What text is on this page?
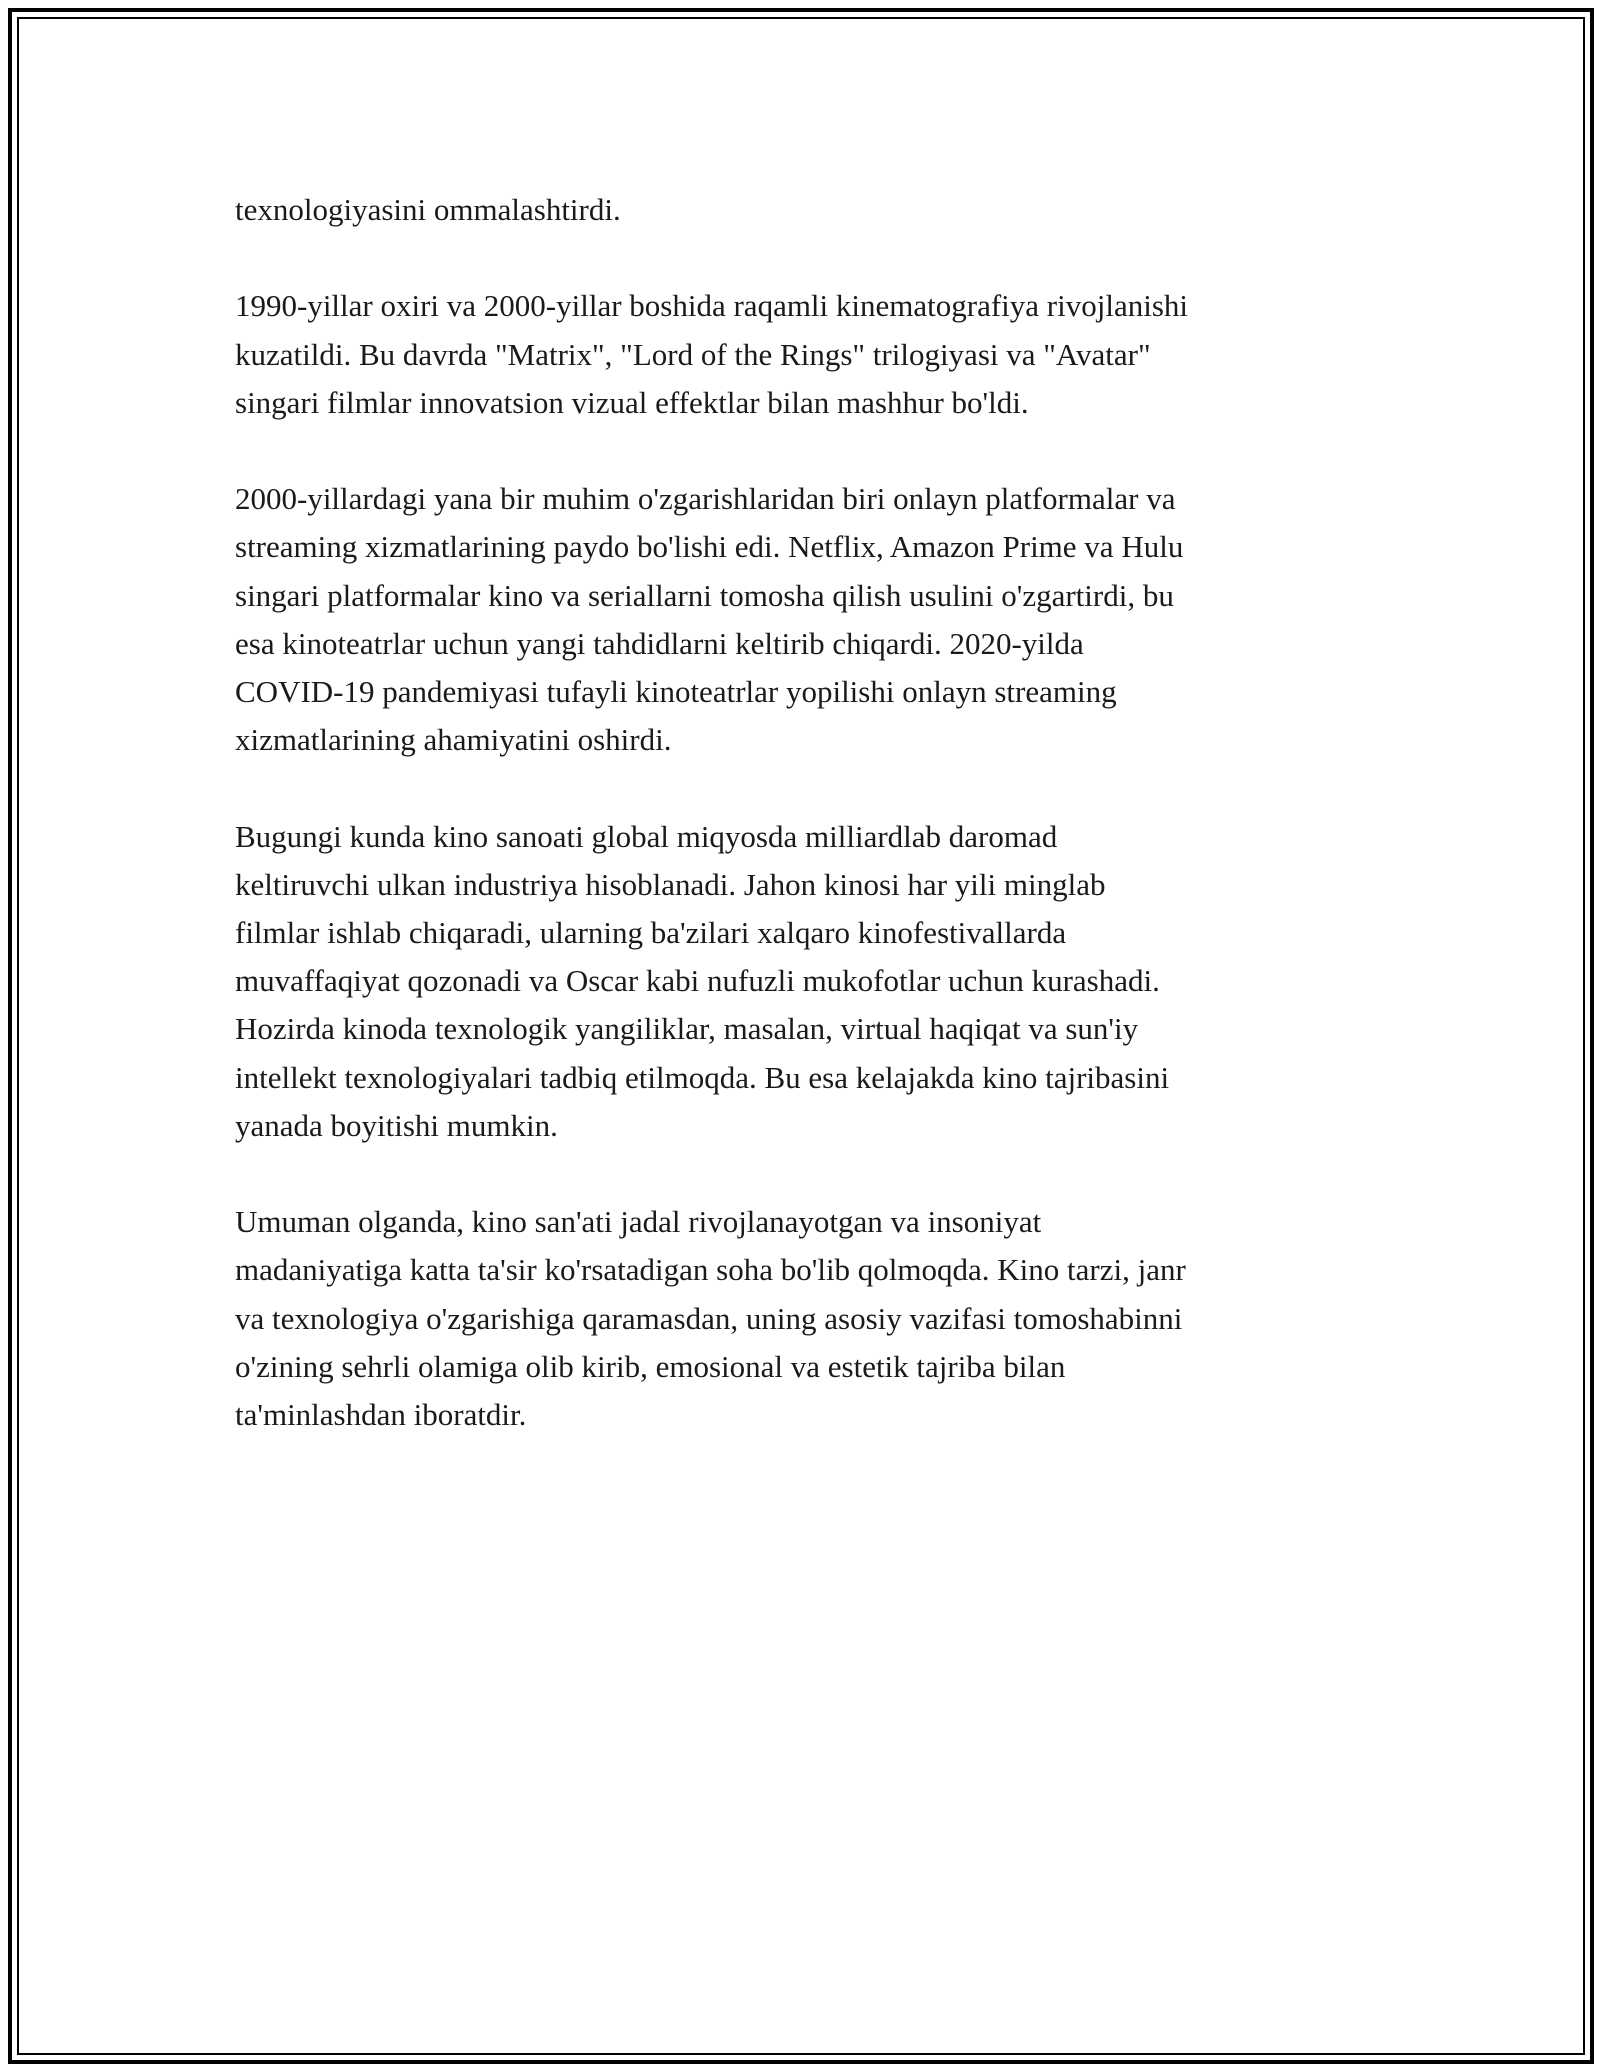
texnologiyasini ommalashtirdi.

1990-yillar oxiri va 2000-yillar boshida raqamli kinematografiya rivojlanishi
kuzatildi. Bu davrda "Matrix", "Lord of the Rings" trilogiyasi va "Avatar"
singari filmlar innovatsion vizual effektlar bilan mashhur bo'ldi.

2000-yillardagi yana bir muhim o'zgarishlaridan biri onlayn platformalar va
streaming xizmatlarining paydo bo'lishi edi. Netflix, Amazon Prime va Hulu
singari platformalar kino va seriallarni tomosha qilish usulini o'zgartirdi, bu
esa kinoteatrlar uchun yangi tahdidlarni keltirib chiqardi. 2020-yilda
COVID-19 pandemiyasi tufayli kinoteatrlar yopilishi onlayn streaming
xizmatlarining ahamiyatini oshirdi.

Bugungi kunda kino sanoati global miqyosda milliardlab daromad
keltiruvchi ulkan industriya hisoblanadi. Jahon kinosi har yili minglab
filmlar ishlab chiqaradi, ularning ba'zilari xalqaro kinofestivallarda
muvaffaqiyat qozonadi va Oscar kabi nufuzli mukofotlar uchun kurashadi.
Hozirda kinoda texnologik yangiliklar, masalan, virtual haqiqat va sun'iy
intellekt texnologiyalari tadbiq etilmoqda. Bu esa kelajakda kino tajribasini
yanada boyitishi mumkin.

Umuman olganda, kino san'ati jadal rivojlanayotgan va insoniyat
madaniyatiga katta ta'sir ko'rsatadigan soha bo'lib qolmoqda. Kino tarzi, janr
va texnologiya o'zgarishiga qaramasdan, uning asosiy vazifasi tomoshabinni
o'zining sehrli olamiga olib kirib, emosional va estetik tajriba bilan
ta'minlashdan iboratdir.
